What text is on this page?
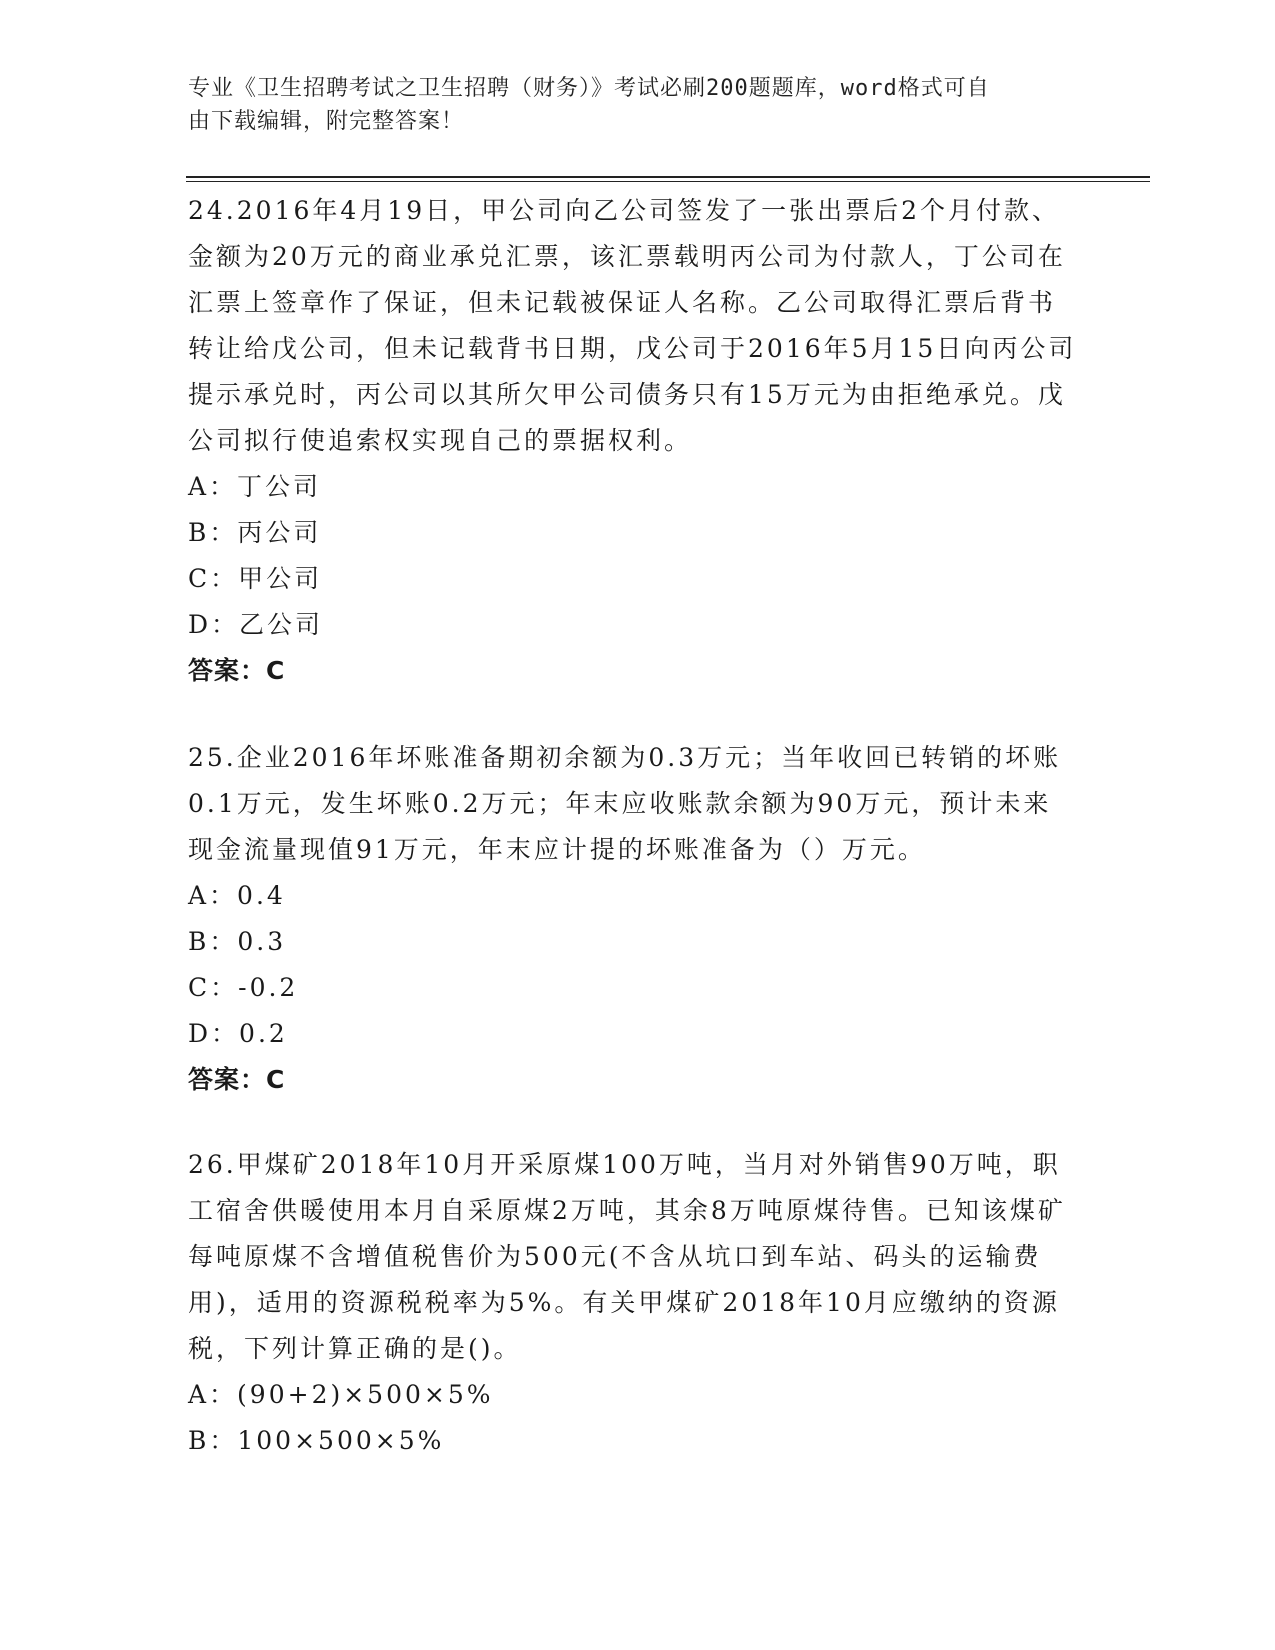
专业《卫生招聘考试之卫生招聘（财务）》考试必刷200题题库，word格式可自
由下载编辑，附完整答案！
24.2016年4月19日，甲公司向乙公司签发了一张出票后2个月付款、金额为20万元的商业承兑汇票，该汇票载明丙公司为付款人，丁公司在汇票上签章作了保证，但未记载被保证人名称。乙公司取得汇票后背书转让给戊公司，但未记载背书日期，戊公司于2016年5月15日向丙公司提示承兑时，丙公司以其所欠甲公司债务只有15万元为由拒绝承兑。戊公司拟行使追索权实现自己的票据权利。
A：丁公司
B：丙公司
C：甲公司
D：乙公司
答案：C
25.企业2016年坏账准备期初余额为0.3万元；当年收回已转销的坏账0.1万元，发生坏账0.2万元；年末应收账款余额为90万元，预计未来现金流量现值91万元，年末应计提的坏账准备为（）万元。
A：0.4
B：0.3
C：-0.2
D：0.2
答案：C
26.甲煤矿2018年10月开采原煤100万吨，当月对外销售90万吨，职工宿舍供暖使用本月自采原煤2万吨，其余8万吨原煤待售。已知该煤矿每吨原煤不含增值税售价为500元(不含从坑口到车站、码头的运输费用)，适用的资源税税率为5%。有关甲煤矿2018年10月应缴纳的资源税，下列计算正确的是()。
A：(90+2)×500×5%
B：100×500×5%
